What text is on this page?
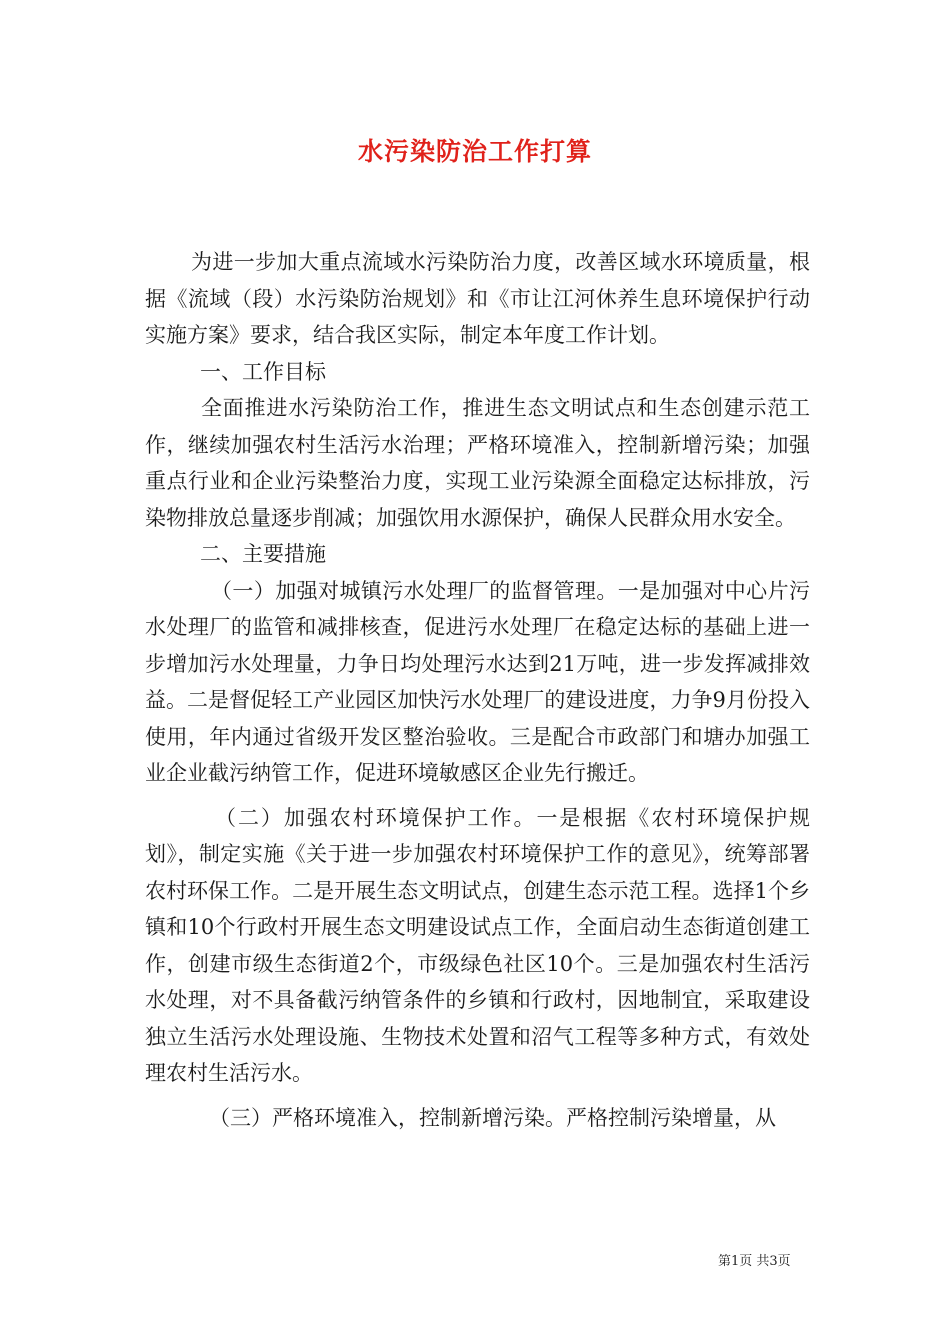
水污染防治工作打算

为进一步加大重点流域水污染防治力度，改善区域水环境质量，根据《流域（段）水污染防治规划》和《市让江河休养生息环境保护行动实施方案》要求，结合我区实际，制定本年度工作计划。

一、工作目标

全面推进水污染防治工作，推进生态文明试点和生态创建示范工作，继续加强农村生活污水治理；严格环境准入，控制新增污染；加强重点行业和企业污染整治力度，实现工业污染源全面稳定达标排放，污染物排放总量逐步削减；加强饮用水源保护，确保人民群众用水安全。

二、主要措施

（一）加强对城镇污水处理厂的监督管理。一是加强对中心片污水处理厂的监管和减排核查，促进污水处理厂在稳定达标的基础上进一步增加污水处理量，力争日均处理污水达到21万吨，进一步发挥减排效益。二是督促轻工产业园区加快污水处理厂的建设进度，力争9月份投入使用，年内通过省级开发区整治验收。三是配合市政部门和塘办加强工业企业截污纳管工作，促进环境敏感区企业先行搬迁。

（二）加强农村环境保护工作。一是根据《农村环境保护规划》，制定实施《关于进一步加强农村环境保护工作的意见》，统筹部署农村环保工作。二是开展生态文明试点，创建生态示范工程。选择1个乡镇和10个行政村开展生态文明建设试点工作，全面启动生态街道创建工作，创建市级生态街道2个，市级绿色社区10个。三是加强农村生活污水处理，对不具备截污纳管条件的乡镇和行政村，因地制宜，采取建设独立生活污水处理设施、生物技术处置和沼气工程等多种方式，有效处理农村生活污水。

（三）严格环境准入，控制新增污染。严格控制污染增量，从

第1页 共3页
